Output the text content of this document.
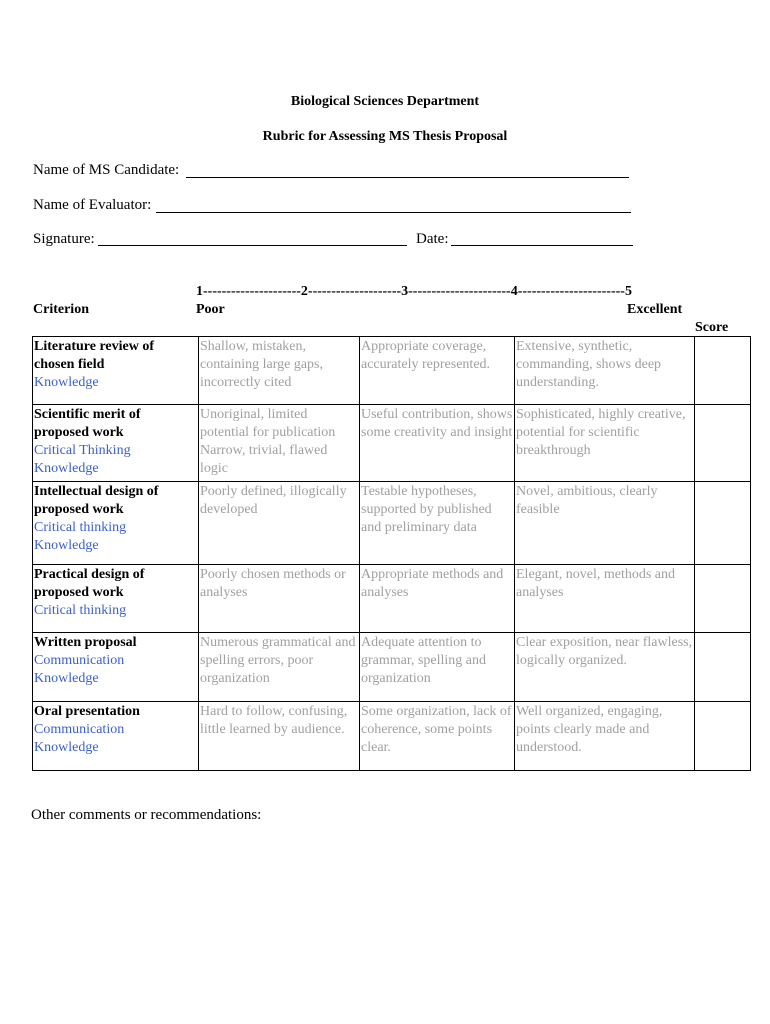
Biological Sciences Department
Rubric for Assessing MS Thesis Proposal
Name of MS Candidate:
Name of Evaluator:
Signature:	Date:
1---------------------2--------------------3----------------------4-----------------------5
Criterion	Poor	Excellent
Score
Literature review of chosen field
Knowledge	Shallow, mistaken, containing large gaps, incorrectly cited	Appropriate coverage, accurately represented.	Extensive, synthetic, commanding, shows deep understanding.	

Scientific merit of proposed work
Critical Thinking
Knowledge	Unoriginal, limited potential for publication Narrow, trivial, flawed logic	Useful contribution, shows some creativity and insight	Sophisticated, highly creative, potential for scientific breakthrough	

Intellectual design of proposed work
Critical thinking
Knowledge	Poorly defined, illogically developed	Testable hypotheses, supported by published and preliminary data	Novel, ambitious, clearly feasible	

Practical design of proposed work
Critical thinking	Poorly chosen methods or analyses	Appropriate methods and analyses	Elegant, novel, methods and analyses	

Written proposal
Communication
Knowledge	Numerous grammatical and spelling errors, poor organization	Adequate attention to grammar, spelling and organization	Clear exposition, near flawless, logically organized.	

Oral presentation
Communication
Knowledge	Hard to follow, confusing, little learned by audience.	Some organization, lack of coherence, some points clear.	Well organized, engaging, points clearly made and understood.	

Other comments or recommendations:
